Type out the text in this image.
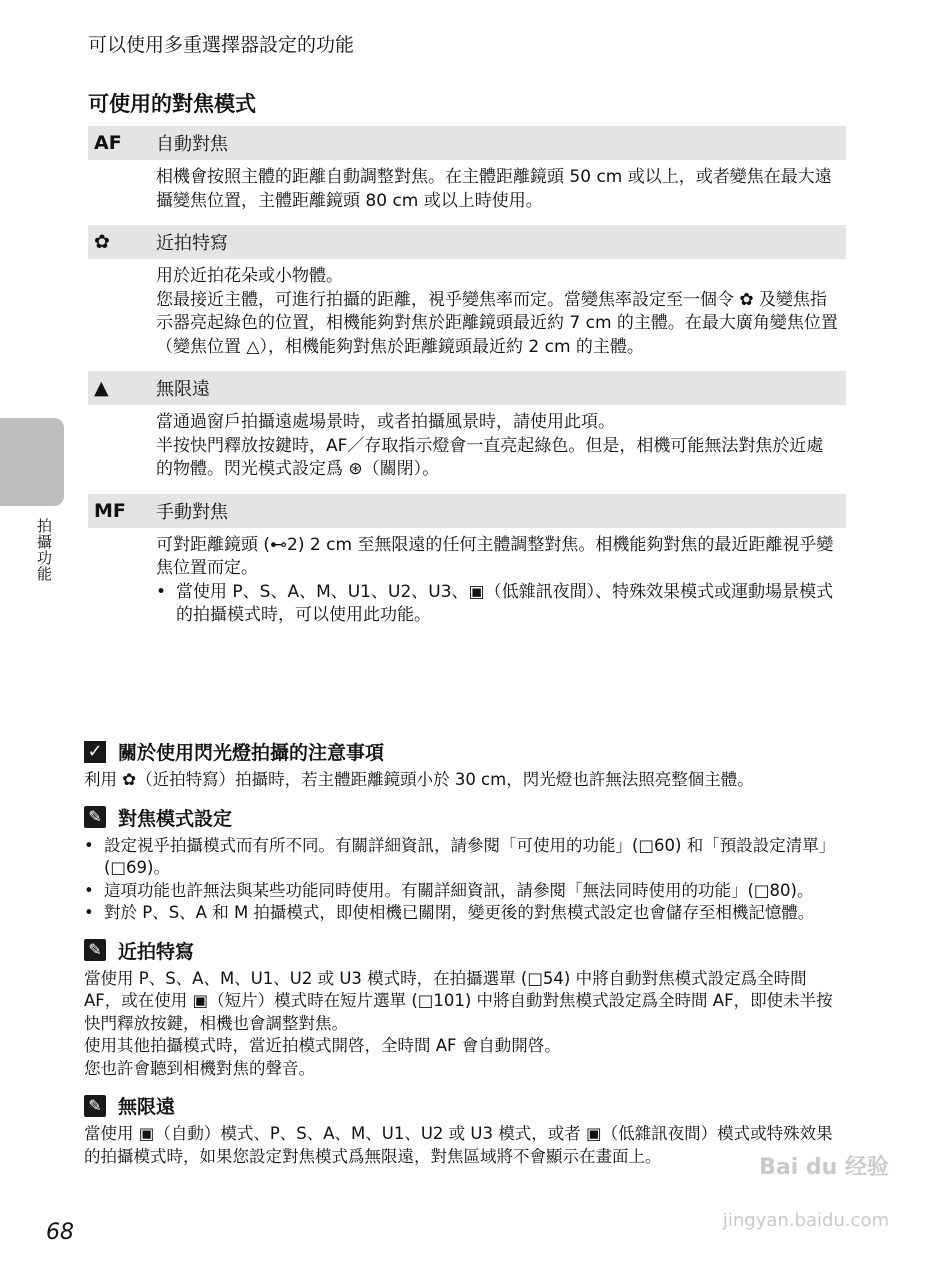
可以使用多重選擇器設定的功能
可使用的對焦模式
AF	自動對焦

相機會按照主體的距離自動調整對焦。在主體距離鏡頭 50 cm 或以上，或者變焦在最大遠攝變焦位置，主體距離鏡頭 80 cm 或以上時使用。

✿	近拍特寫

用於近拍花朵或小物體。

您最接近主體，可進行拍攝的距離，視乎變焦率而定。當變焦率設定至一個令 ✿ 及變焦指示器亮起綠色的位置，相機能夠對焦於距離鏡頭最近約 7 cm 的主體。在最大廣角變焦位置（變焦位置 △），相機能夠對焦於距離鏡頭最近約 2 cm 的主體。

▲	無限遠

當通過窗戶拍攝遠處場景時，或者拍攝風景時，請使用此項。

半按快門釋放按鍵時，AF／存取指示燈會一直亮起綠色。但是，相機可能無法對焦於近處的物體。閃光模式設定爲 ⊛（關閉）。

MF	手動對焦

可對距離鏡頭 (⊷2) 2 cm 至無限遠的任何主體調整對焦。相機能夠對焦的最近距離視乎變焦位置而定。

• 當使用 P、S、A、M、U1、U2、U3、▣（低雜訊夜間）、特殊效果模式或運動場景模式的拍攝模式時，可以使用此功能。
拍攝功能
✓ 關於使用閃光燈拍攝的注意事項

利用 ✿（近拍特寫）拍攝時，若主體距離鏡頭小於 30 cm，閃光燈也許無法照亮整個主體。

✎ 對焦模式設定
• 設定視乎拍攝模式而有所不同。有關詳細資訊，請參閱「可使用的功能」(□60) 和「預設設定清單」(□69)。
• 這項功能也許無法與某些功能同時使用。有關詳細資訊，請參閱「無法同時使用的功能」(□80)。
• 對於 P、S、A 和 M 拍攝模式，即使相機已關閉，變更後的對焦模式設定也會儲存至相機記憶體。
✎ 近拍特寫

當使用 P、S、A、M、U1、U2 或 U3 模式時，在拍攝選單 (□54) 中將自動對焦模式設定爲全時間 AF，或在使用 ▣（短片）模式時在短片選單 (□101) 中將自動對焦模式設定爲全時間 AF，即使未半按快門釋放按鍵，相機也會調整對焦。

使用其他拍攝模式時，當近拍模式開啓，全時間 AF 會自動開啓。

您也許會聽到相機對焦的聲音。

✎ 無限遠

當使用 ▣（自動）模式、P、S、A、M、U1、U2 或 U3 模式，或者 ▣（低雜訊夜間）模式或特殊效果的拍攝模式時，如果您設定對焦模式爲無限遠，對焦區域將不會顯示在畫面上。

68
Bai du 经验
jingyan.baidu.com
